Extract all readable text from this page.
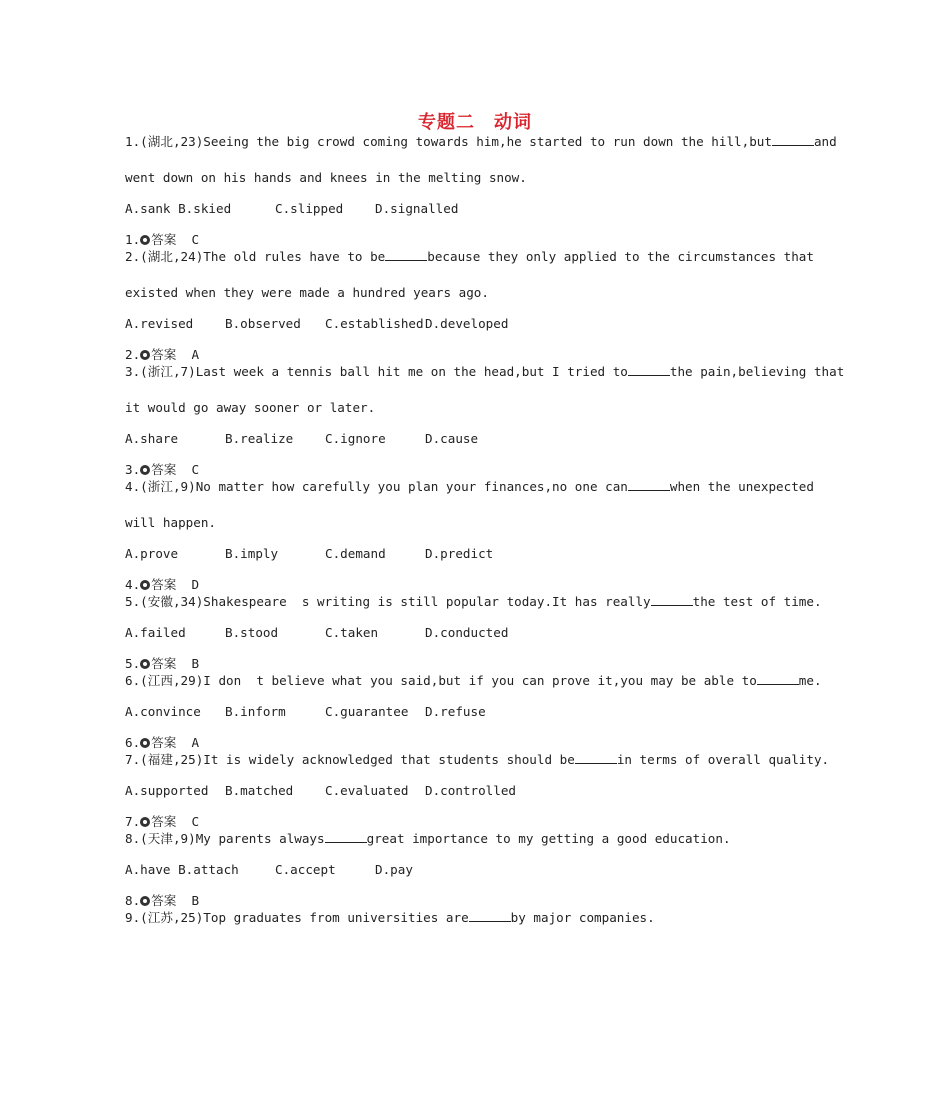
专题二　动词

1.(湖北,23)Seeing the big crowd coming towards him,he started to run down the hill,but	and

went down on his hands and knees in the melting snow.

A.sank B.skied	C.slipped	D.signalled

1. 答案 C

2.(湖北,24)The old rules have to be	because they only applied to the circumstances that

existed when they were made a hundred years ago.

A.revised	B.observed	C.established D.developed

2. 答案 A

3.(浙江,7)Last week a tennis ball hit me on the head,but I tried to	the pain,believing that

it would go away sooner or later.

A.share	B.realize	C.ignore	D.cause

3. 答案 C

4.(浙江,9)No matter how carefully you plan your finances,no one can	when the unexpected

will happen.

A.prove	B.imply	C.demand	D.predict

4. 答案 D

5.(安徽,34)Shakespeare  s writing is still popular today.It has really	the test of time.

A.failed	B.stood	C.taken	D.conducted

5. 答案 B

6.(江西,29)I don  t believe what you said,but if you can prove it,you may be able to	me.

A.convince	B.inform	C.guarantee	D.refuse

6. 答案 A

7.(福建,25)It is widely acknowledged that students should be	in terms of overall quality.

A.supported	B.matched	C.evaluated	D.controlled

7. 答案 C

8.(天津,9)My parents always	great importance to my getting a good education.

A.have B.attach	C.accept	D.pay

8. 答案 B

9.(江苏,25)Top graduates from universities are	by major companies.
